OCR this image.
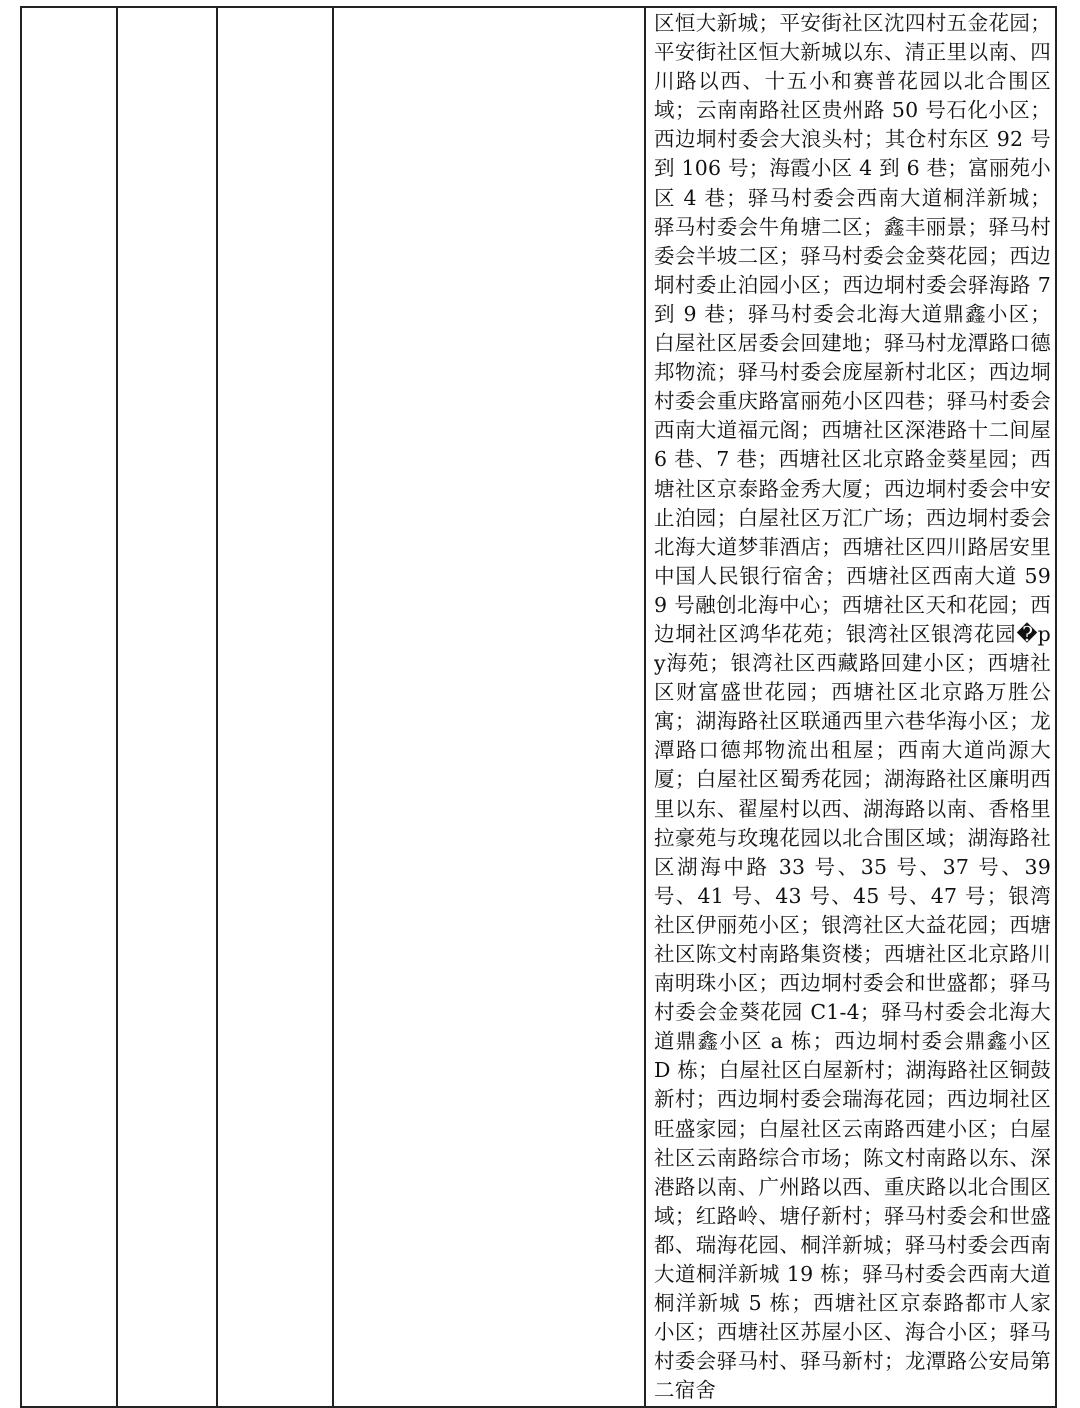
区恒大新城；平安街社区沈四村五金花园；平安街社区恒大新城以东、清正里以南、四川路以西、十五小和赛普花园以北合围区域；云南南路社区贵州路 50 号石化小区；西边垌村委会大浪头村；其仓村东区 92 号到 106 号；海霞小区 4 到 6 巷；富丽苑小区 4 巷；驿马村委会西南大道桐洋新城；驿马村委会牛角塘二区；鑫丰丽景；驿马村委会半坡二区；驿马村委会金葵花园；西边垌村委止泊园小区；西边垌村委会驿海路 7 到 9 巷；驿马村委会北海大道鼎鑫小区；白屋社区居委会回建地；驿马村龙潭路口德邦物流；驿马村委会庞屋新村北区；西边垌村委会重庆路富丽苑小区四巷；驿马村委会西南大道福元阁；西塘社区深港路十二间屋 6 巷、7 巷；西塘社区北京路金葵星园；西塘社区京泰路金秀大厦；西边垌村委会中安止泊园；白屋社区万汇广场；西边垌村委会北海大道梦菲酒店；西塘社区四川路居安里中国人民银行宿舍；西塘社区西南大道 599 号融创北海中心；西塘社区天和花园；西边垌社区鸿华花苑；银湾社区银湾花园�py海苑；银湾社区西藏路回建小区；西塘社区财富盛世花园；西塘社区北京路万胜公寓；湖海路社区联通西里六巷华海小区；龙潭路口德邦物流出租屋；西南大道尚源大厦；白屋社区蜀秀花园；湖海路社区廉明西里以东、翟屋村以西、湖海路以南、香格里拉豪苑与玫瑰花园以北合围区域；湖海路社区湖海中路 33 号、35 号、37 号、39 号、41 号、43 号、45 号、47 号；银湾社区伊丽苑小区；银湾社区大益花园；西塘社区陈文村南路集资楼；西塘社区北京路川南明珠小区；西边垌村委会和世盛都；驿马村委会金葵花园 C1-4；驿马村委会北海大道鼎鑫小区 a 栋；西边垌村委会鼎鑫小区 D 栋；白屋社区白屋新村；湖海路社区铜鼓新村；西边垌村委会瑞海花园；西边垌社区旺盛家园；白屋社区云南路西建小区；白屋社区云南路综合市场；陈文村南路以东、深港路以南、广州路以西、重庆路以北合围区域；红路岭、塘仔新村；驿马村委会和世盛都、瑞海花园、桐洋新城；驿马村委会西南大道桐洋新城 19 栋；驿马村委会西南大道桐洋新城 5 栋；西塘社区京泰路都市人家小区；西塘社区苏屋小区、海合小区；驿马村委会驿马村、驿马新村；龙潭路公安局第二宿舍
